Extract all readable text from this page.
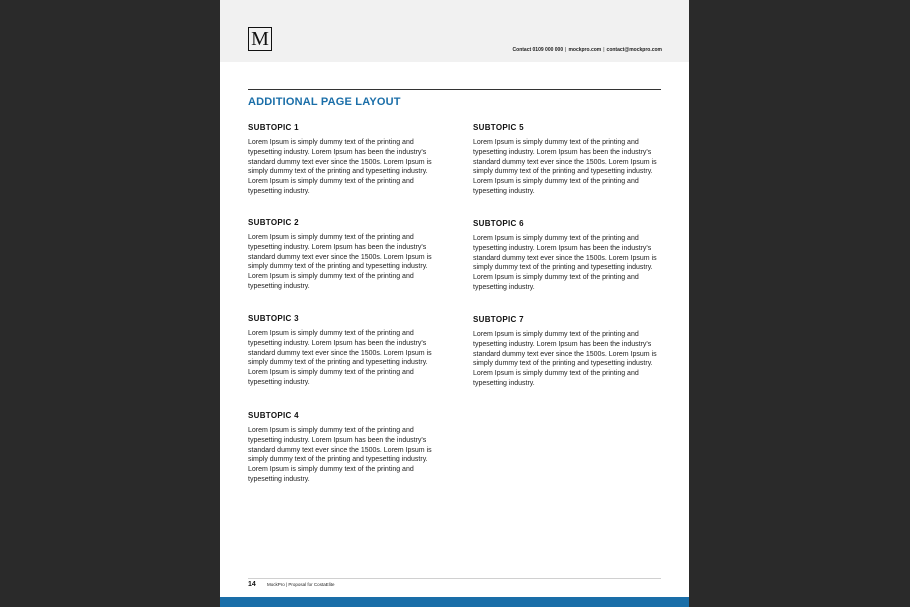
M	Contact 0109 000 000 | mockpro.com | contact@mockpro.com
ADDITIONAL PAGE LAYOUT
SUBTOPIC 1

Lorem Ipsum is simply dummy text of the printing and typesetting industry. Lorem Ipsum has been the industry's standard dummy text ever since the 1500s. Lorem Ipsum is simply dummy text of the printing and typesetting industry. Lorem Ipsum is simply dummy text of the printing and typesetting industry.

SUBTOPIC 2

Lorem Ipsum is simply dummy text of the printing and typesetting industry. Lorem Ipsum has been the industry's standard dummy text ever since the 1500s. Lorem Ipsum is simply dummy text of the printing and typesetting industry. Lorem Ipsum is simply dummy text of the printing and typesetting industry.

SUBTOPIC 3

Lorem Ipsum is simply dummy text of the printing and typesetting industry. Lorem Ipsum has been the industry's standard dummy text ever since the 1500s. Lorem Ipsum is simply dummy text of the printing and typesetting industry. Lorem Ipsum is simply dummy text of the printing and typesetting industry.

SUBTOPIC 4

Lorem Ipsum is simply dummy text of the printing and typesetting industry. Lorem Ipsum has been the industry's standard dummy text ever since the 1500s. Lorem Ipsum is simply dummy text of the printing and typesetting industry. Lorem Ipsum is simply dummy text of the printing and typesetting industry.

SUBTOPIC 5

Lorem Ipsum is simply dummy text of the printing and typesetting industry. Lorem Ipsum has been the industry's standard dummy text ever since the 1500s. Lorem Ipsum is simply dummy text of the printing and typesetting industry. Lorem Ipsum is simply dummy text of the printing and typesetting industry.

SUBTOPIC 6

Lorem Ipsum is simply dummy text of the printing and typesetting industry. Lorem Ipsum has been the industry's standard dummy text ever since the 1500s. Lorem Ipsum is simply dummy text of the printing and typesetting industry. Lorem Ipsum is simply dummy text of the printing and typesetting industry.

SUBTOPIC 7

Lorem Ipsum is simply dummy text of the printing and typesetting industry. Lorem Ipsum has been the industry's standard dummy text ever since the 1500s. Lorem Ipsum is simply dummy text of the printing and typesetting industry. Lorem Ipsum is simply dummy text of the printing and typesetting industry.

14 MockPro | Proposal for CostaElite
